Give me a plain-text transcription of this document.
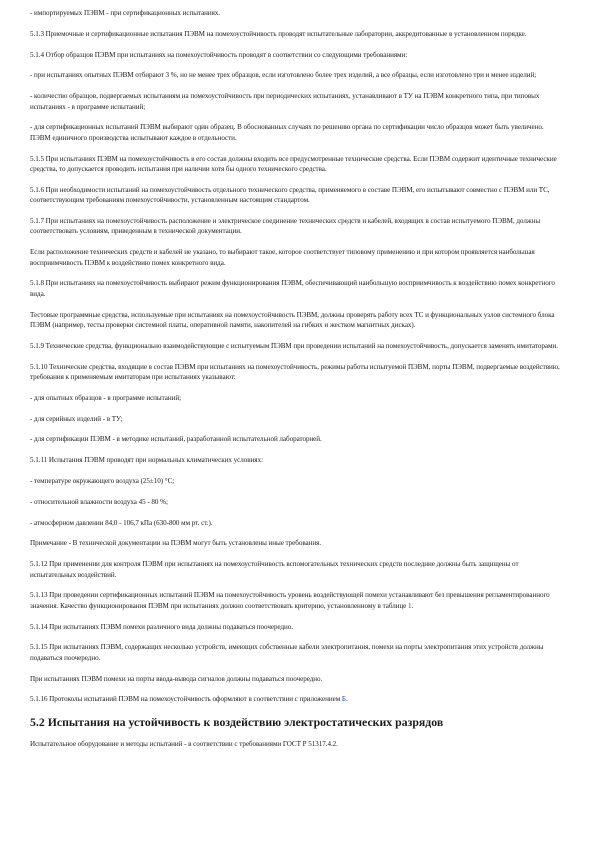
- импортируемых ПЭВМ - при сертификационных испытаниях.

5.1.3 Приемочные и сертификационные испытания ПЭВМ на помехоустойчивость проводят испытательные лаборатории, аккредитованные в установленном порядке.

5.1.4 Отбор образцов ПЭВМ при испытаниях на помехоустойчивость проводят в соответствии со следующими требованиями:

- при испытаниях опытных ПЭВМ отбирают 3 %, но не менее трех образцов, если изготовлено более трех изделий, а все образцы, если изготовлено три и менее изделий;

- количество образцов, подвергаемых испытаниям на помехоустойчивость при периодических испытаниях, устанавливают в ТУ на ПЭВМ конкретного типа, при типовых испытаниях - в программе испытаний;

- для сертификационных испытаний ПЭВМ выбирают один образец. В обоснованных случаях по решению органа по сертификации число образцов может быть увеличено. ПЭВМ единичного производства испытывают каждое в отдельности.

5.1.5 При испытаниях ПЭВМ на помехоустойчивость в его состав должны входить все предусмотренные технические средства. Если ПЭВМ содержит идентичные технические средства, то допускается проводить испытания при наличии хотя бы одного технического средства.

5.1.6 При необходимости испытаний на помехоустойчивость отдельного технического средства, применяемого в составе ПЭВМ, его испытывают совместно с ПЭВМ или ТС, соответствующим требованиям помехоустойчивости, установленным настоящим стандартом.

5.1.7 При испытаниях на помехоустойчивость расположение и электрическое соединение технических средств и кабелей, входящих в состав испытуемого ПЭВМ, должны соответствовать условиям, приведенным в технической документации.

Если расположение технических средств и кабелей не указано, то выбирают такое, которое соответствует типовому применению и при котором проявляется наибольшая восприимчивость ПЭВМ к воздействию помех конкретного вида.

5.1.8 При испытаниях на помехоустойчивость выбирают режим функционирования ПЭВМ, обеспечивающий наибольшую восприимчивость к воздействию помех конкретного вида.

Тестовые программные средства, используемые при испытаниях на помехоустойчивость ПЭВМ, должны проверять работу всех ТС и функциональных узлов системного блока ПЭВМ (например, тесты проверки системной платы, оперативной памяти, накопителей на гибких и жестком магнитных дисках).

5.1.9 Технические средства, функционально взаимодействующие с испытуемым ПЭВМ при проведении испытаний на помехоустойчивость, допускается заменять имитаторами.

5.1.10 Технические средства, входящие в состав ПЭВМ при испытаниях на помехоустойчивость, режимы работы испытуемой ПЭВМ, порты ПЭВМ, подвергаемые воздействию, требования к применяемым имитаторам при испытаниях указывают:

- для опытных образцов - в программе испытаний;

- для серийных изделий - в ТУ;

- для сертификации ПЭВМ - в методике испытаний, разработанной испытательной лабораторией.

5.1.11 Испытания ПЭВМ проводят при нормальных климатических условиях:

- температуре окружающего воздуха (25±10) °С;

- относительной влажности воздуха 45 - 80 %;

- атмосферном давлении 84,0 - 106,7 кПа (630-800 мм рт. ст.).

Примечание - В технической документации на ПЭВМ могут быть установлены иные требования.

5.1.12 При применении для контроля ПЭВМ при испытаниях на помехоустойчивость вспомогательных технических средств последние должны быть защищены от испытательных воздействий.

5.1.13 При проведении сертификационных испытаний ПЭВМ на помехоустойчивость уровень воздействующей помехи устанавливают без превышения регламентированного значения. Качество функционирования ПЭВМ при испытаниях должно соответствовать критерию, установленному в таблице 1.

5.1.14 При испытаниях ПЭВМ помехи различного вида должны подаваться поочередно.

5.1.15 При испытаниях ПЭВМ, содержащих несколько устройств, имеющих собственные кабели электропитания, помехи на порты электропитания этих устройств должны подаваться поочередно.

При испытаниях ПЭВМ помехи на порты ввода-вывода сигналов должны подаваться поочередно.

5.1.16 Протоколы испытаний ПЭВМ на помехоустойчивость оформляют в соответствии с приложением Б.

5.2 Испытания на устойчивость к воздействию электростатических разрядов

Испытательное оборудование и методы испытаний - в соответствии с требованиями ГОСТ Р 51317.4.2.
